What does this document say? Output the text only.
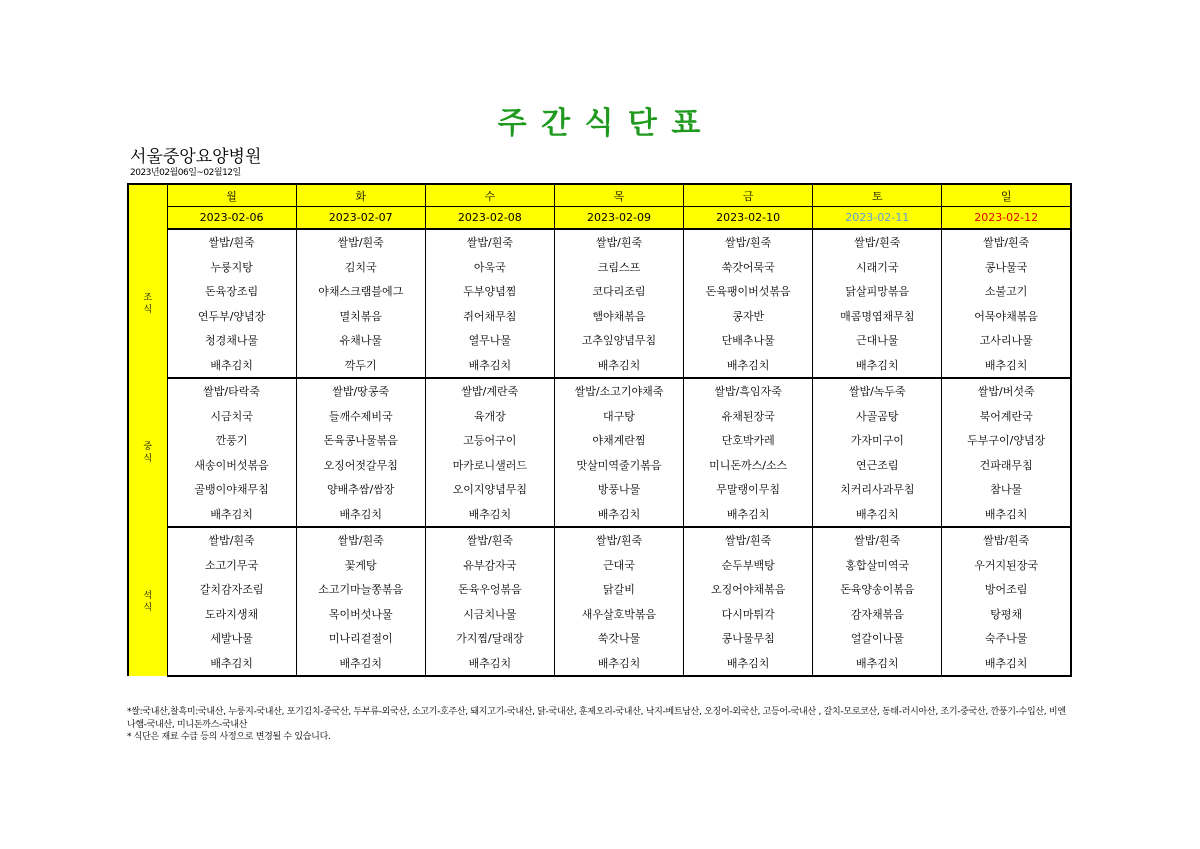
주 간 식 단 표
서울중앙요양병원
2023년02월06일~02월12일
	월	화	수	목	금	토	일
	2023-02-06	2023-02-07	2023-02-08	2023-02-09	2023-02-10	2023-02-11	2023-02-12

조
식	쌀밥/흰죽	쌀밥/흰죽	쌀밥/흰죽	쌀밥/흰죽	쌀밥/흰죽	쌀밥/흰죽	쌀밥/흰죽
	누룽지탕	김치국	아욱국	크림스프	쑥갓어묵국	시래기국	콩나물국
	돈육장조림	야채스크램블에그	두부양념찜	코다리조림	돈육팽이버섯볶음	닭살피망볶음	소불고기
	연두부/양념장	멸치볶음	쥐어채무침	햄야채볶음	콩자반	매콤명엽채무침	어묵야채볶음
	청경채나물	유채나물	열무나물	고추잎양념무침	단배추나물	근대나물	고사리나물
	배추김치	깍두기	배추김치	배추김치	배추김치	배추김치	배추김치

중
식	쌀밥/타락죽	쌀밥/땅콩죽	쌀밥/계란죽	쌀밥/소고기야채죽	쌀밥/흑임자죽	쌀밥/녹두죽	쌀밥/버섯죽
	시금치국	들깨수제비국	육개장	대구탕	유채된장국	사골곰탕	북어계란국
	깐풍기	돈육콩나물볶음	고등어구이	야채계란찜	단호박카레	가자미구이	두부구이/양념장
	새송이버섯볶음	오징어젓갈무침	마카로니샐러드	맛살미역줄기볶음	미니돈까스/소스	연근조림	건파래무침
	골뱅이야채무침	양배추쌈/쌈장	오이지양념무침	방풍나물	무말랭이무침	치커리사과무침	참나물
	배추김치	배추김치	배추김치	배추김치	배추김치	배추김치	배추김치

석
식	쌀밥/흰죽	쌀밥/흰죽	쌀밥/흰죽	쌀밥/흰죽	쌀밥/흰죽	쌀밥/흰죽	쌀밥/흰죽
	소고기무국	꽃게탕	유부감자국	근대국	순두부백탕	홍합살미역국	우거지된장국
	갈치감자조림	소고기마늘쫑볶음	돈육우엉볶음	닭갈비	오징어야채볶음	돈육양송이볶음	방어조림
	도라지생채	목이버섯나물	시금치나물	새우살호박볶음	다시마튀각	감자채볶음	탕평채
	세발나물	미나리겉절이	가지찜/달래장	쑥갓나물	콩나물무침	얼갈이나물	숙주나물
	배추김치	배추김치	배추김치	배추김치	배추김치	배추김치	배추김치
*쌀:국내산,찰흑미:국내산, 누룽지-국내산, 포기김치-중국산, 두부류-외국산, 소고기-호주산, 돼지고기-국내산, 닭-국내산, 훈제오리-국내산, 낙지-베트남산, 오징어-외국산, 고등어-국내산 , 갈치-모로코산, 동태-러시아산, 조기-중국산, 깐풍기-수입산, 비엔나햄-국내산, 미니돈까스-국내산
* 식단은 재료 수급 등의 사정으로 변경될 수 있습니다.
